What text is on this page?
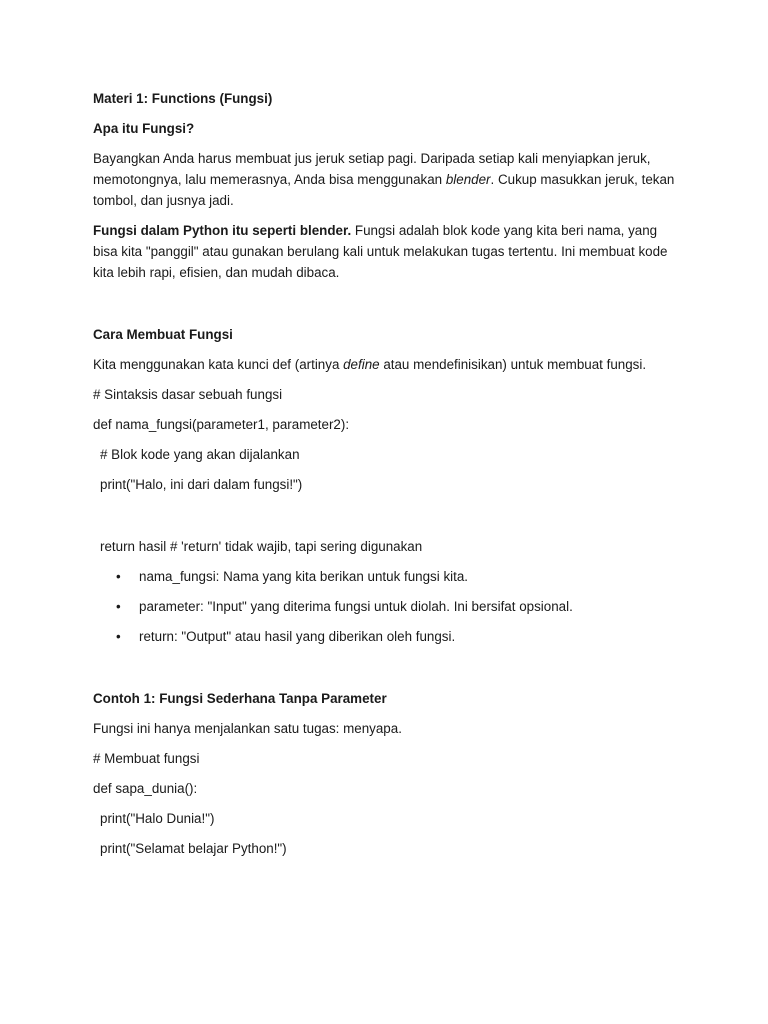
Materi 1: Functions (Fungsi)

Apa itu Fungsi?

Bayangkan Anda harus membuat jus jeruk setiap pagi. Daripada setiap kali menyiapkan jeruk, memotongnya, lalu memerasnya, Anda bisa menggunakan blender. Cukup masukkan jeruk, tekan tombol, dan jusnya jadi.

Fungsi dalam Python itu seperti blender. Fungsi adalah blok kode yang kita beri nama, yang bisa kita "panggil" atau gunakan berulang kali untuk melakukan tugas tertentu. Ini membuat kode kita lebih rapi, efisien, dan mudah dibaca.

Cara Membuat Fungsi

Kita menggunakan kata kunci def (artinya define atau mendefinisikan) untuk membuat fungsi.

# Sintaksis dasar sebuah fungsi

def nama_fungsi(parameter1, parameter2):

# Blok kode yang akan dijalankan

print("Halo, ini dari dalam fungsi!")

return hasil # 'return' tidak wajib, tapi sering digunakan

• nama_fungsi: Nama yang kita berikan untuk fungsi kita.
• parameter: "Input" yang diterima fungsi untuk diolah. Ini bersifat opsional.
• return: "Output" atau hasil yang diberikan oleh fungsi.

Contoh 1: Fungsi Sederhana Tanpa Parameter

Fungsi ini hanya menjalankan satu tugas: menyapa.

# Membuat fungsi

def sapa_dunia():

print("Halo Dunia!")

print("Selamat belajar Python!")
